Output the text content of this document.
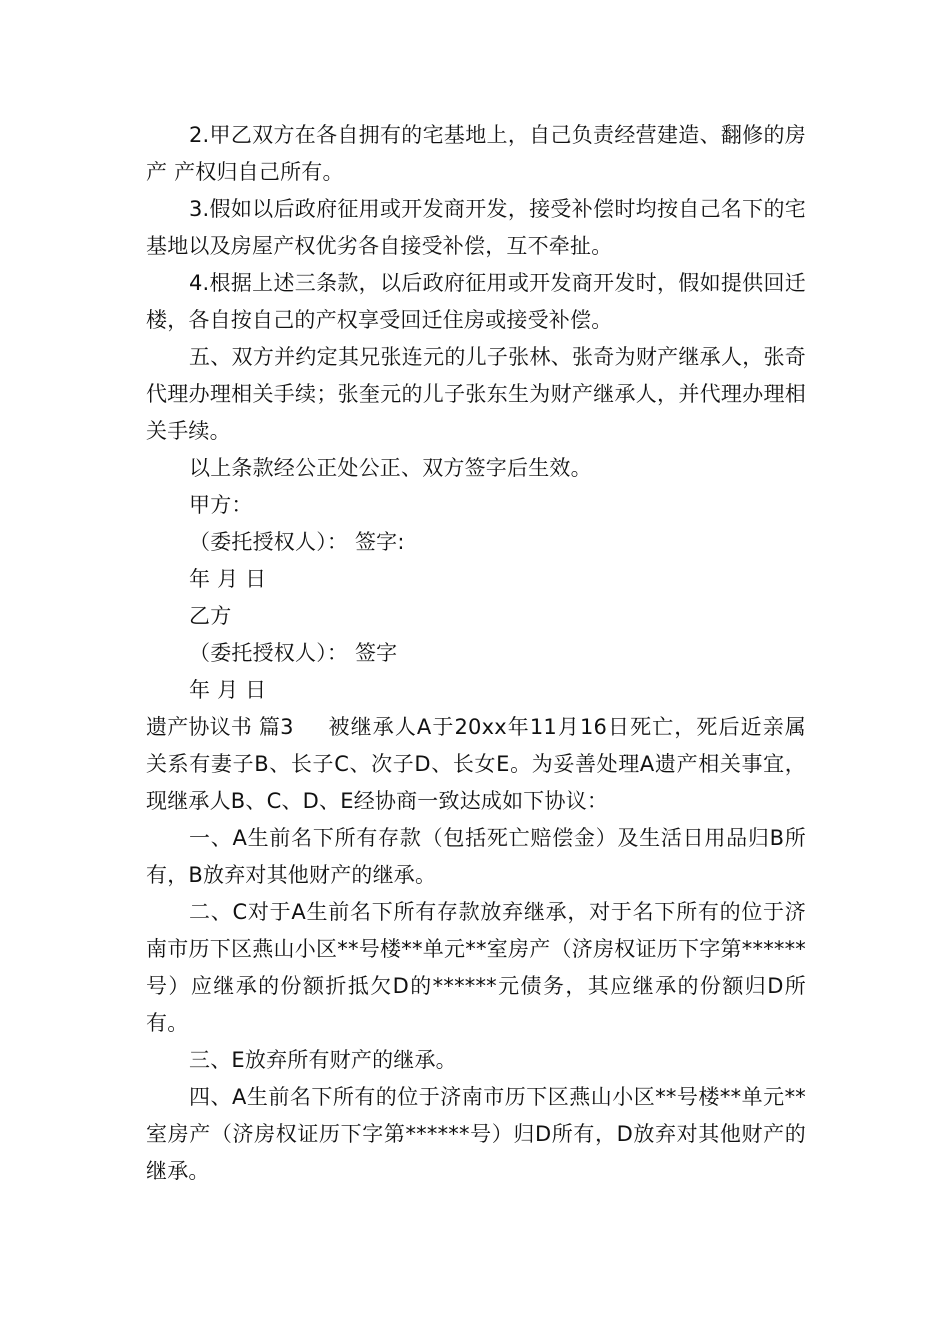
2.甲乙双方在各自拥有的宅基地上，自己负责经营建造、翻修的房产 产权归自己所有。

3.假如以后政府征用或开发商开发，接受补偿时均按自己名下的宅基地以及房屋产权优劣各自接受补偿，互不牵扯。

4.根据上述三条款，以后政府征用或开发商开发时，假如提供回迁楼，各自按自己的产权享受回迁住房或接受补偿。

五、双方并约定其兄张连元的儿子张林、张奇为财产继承人，张奇代理办理相关手续；张奎元的儿子张东生为财产继承人，并代理办理相关手续。

以上条款经公正处公正、双方签字后生效。

甲方：

（委托授权人）： 签字:

年 月 日

乙方

（委托授权人）： 签字

年 月 日

遗产协议书 篇3 被继承人A于20xx年11月16日死亡，死后近亲属关系有妻子B、长子C、次子D、长女E。为妥善处理A遗产相关事宜，现继承人B、C、D、E经协商一致达成如下协议：

一、A生前名下所有存款（包括死亡赔偿金）及生活日用品归B所有，B放弃对其他财产的继承。

二、C对于A生前名下所有存款放弃继承，对于名下所有的位于济南市历下区燕山小区**号楼**单元**室房产（济房权证历下字第******号）应继承的份额折抵欠D的******元债务，其应继承的份额归D所有。

三、E放弃所有财产的继承。

四、A生前名下所有的位于济南市历下区燕山小区**号楼**单元**室房产（济房权证历下字第******号）归D所有，D放弃对其他财产的继承。
